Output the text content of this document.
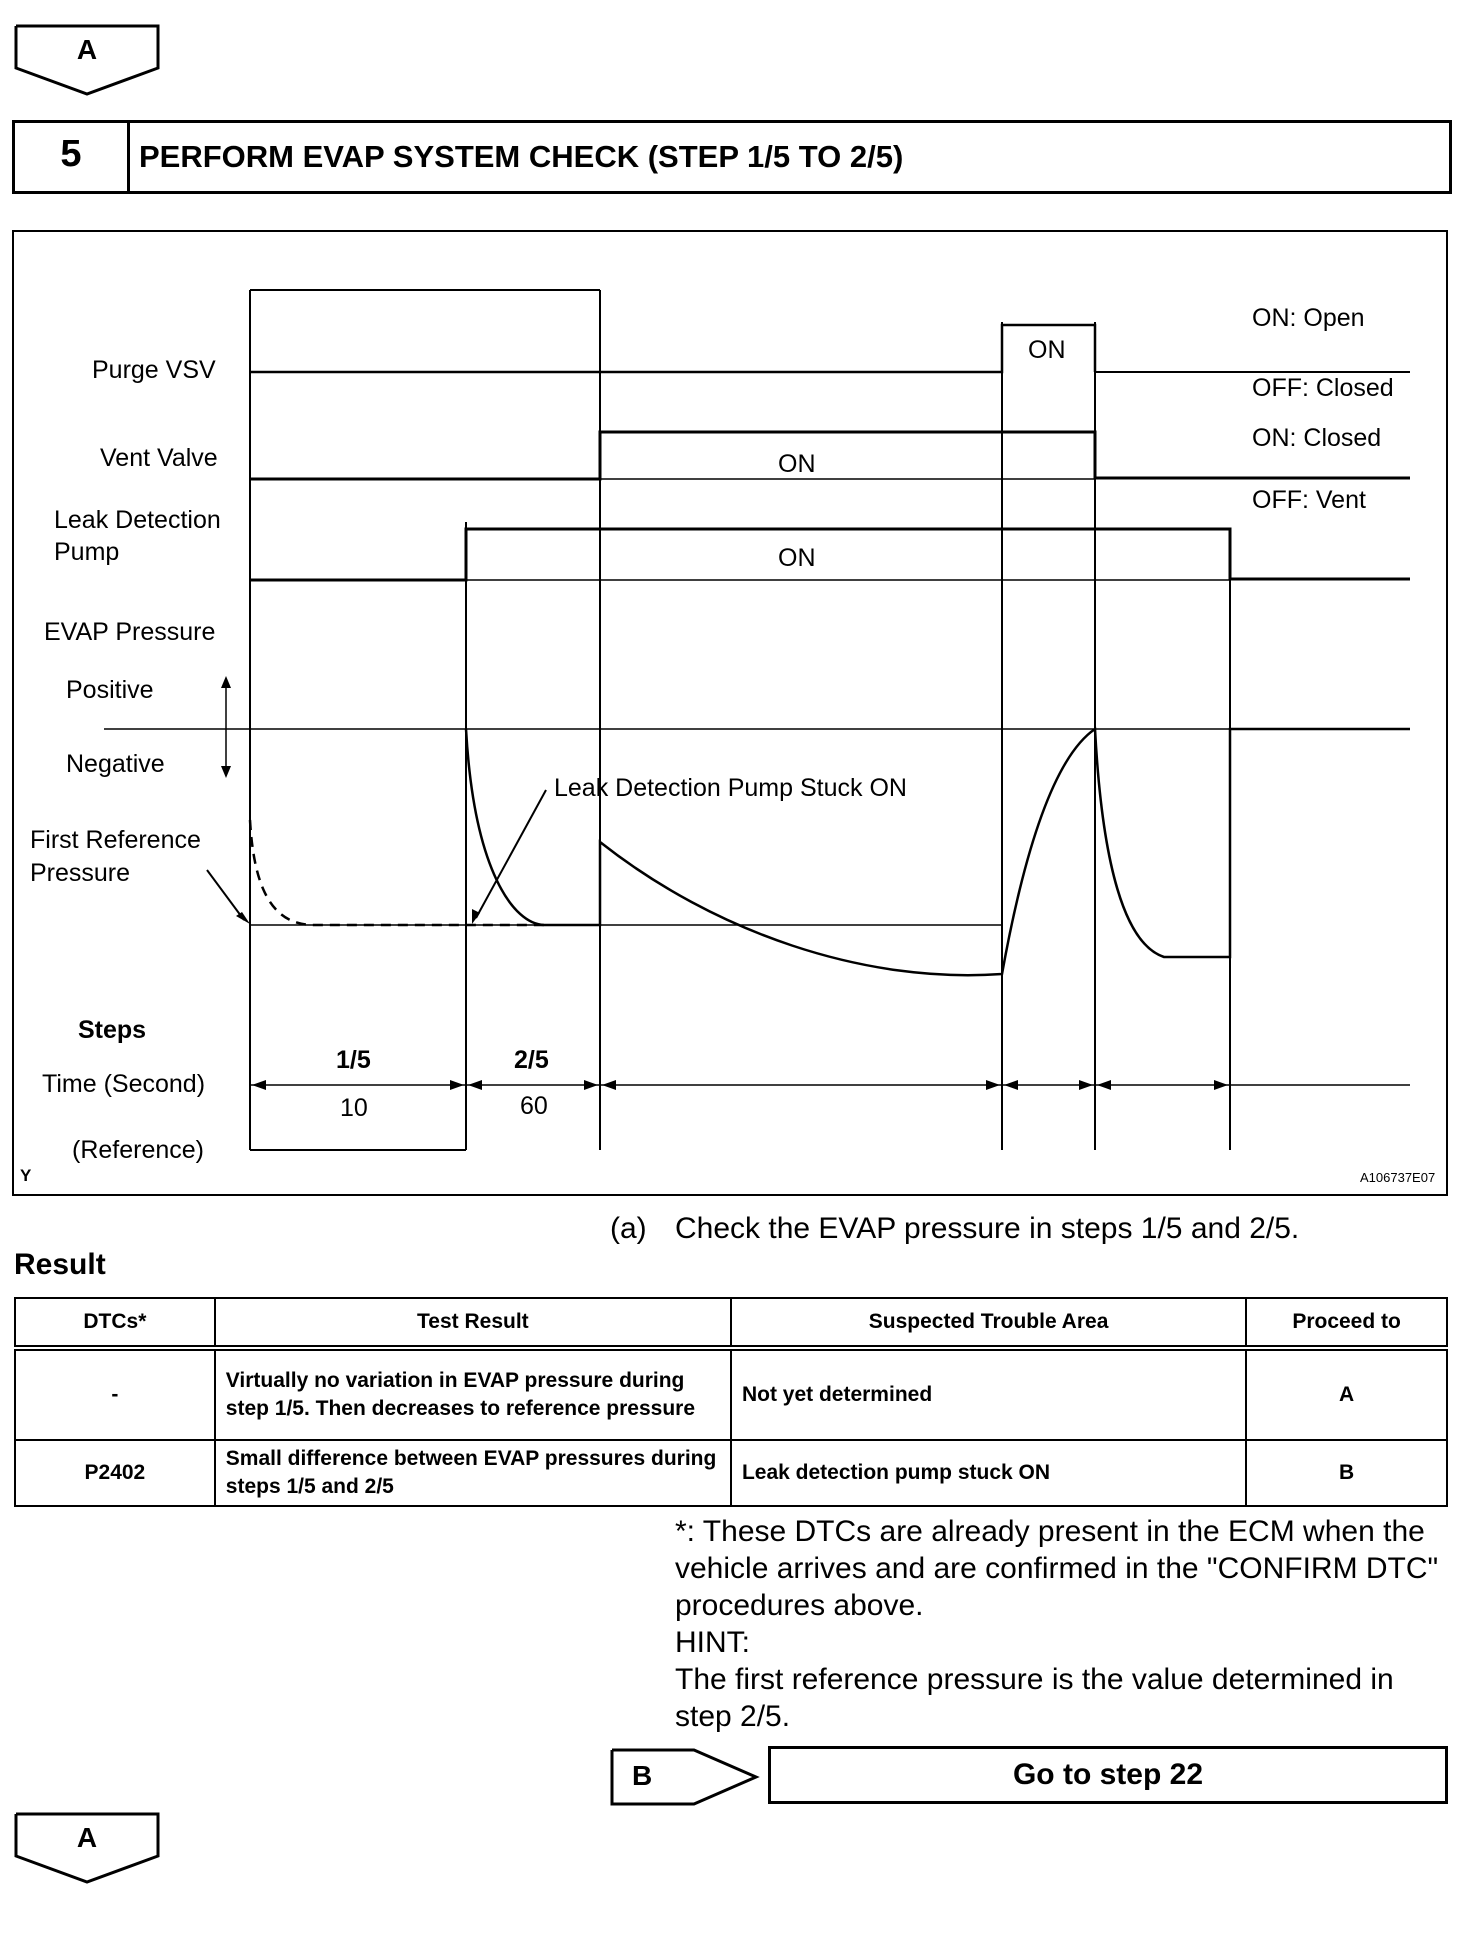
A
5	PERFORM EVAP SYSTEM CHECK (STEP 1/5 TO 2/5)
Purge VSV
Vent Valve
Leak Detection
Pump
EVAP Pressure
Positive
Negative
First Reference
Pressure
ON
ON
ON
ON: Open
OFF: Closed
ON: Closed
OFF: Vent
Leak Detection Pump Stuck ON
Steps
Time (Second)
(Reference)
1/5	2/5
10	60
Y	A106737E07
(a) Check the EVAP pressure in steps 1/5 and 2/5.
Result
DTCs*	Test Result	Suspected Trouble Area	Proceed to
-	Virtually no variation in EVAP pressure during step 1/5. Then decreases to reference pressure	Not yet determined	A
P2402	Small difference between EVAP pressures during steps 1/5 and 2/5	Leak detection pump stuck ON	B
*: These DTCs are already present in the ECM when the vehicle arrives and are confirmed in the "CONFIRM DTC" procedures above.
HINT:
The first reference pressure is the value determined in step 2/5.
B	Go to step 22
A
